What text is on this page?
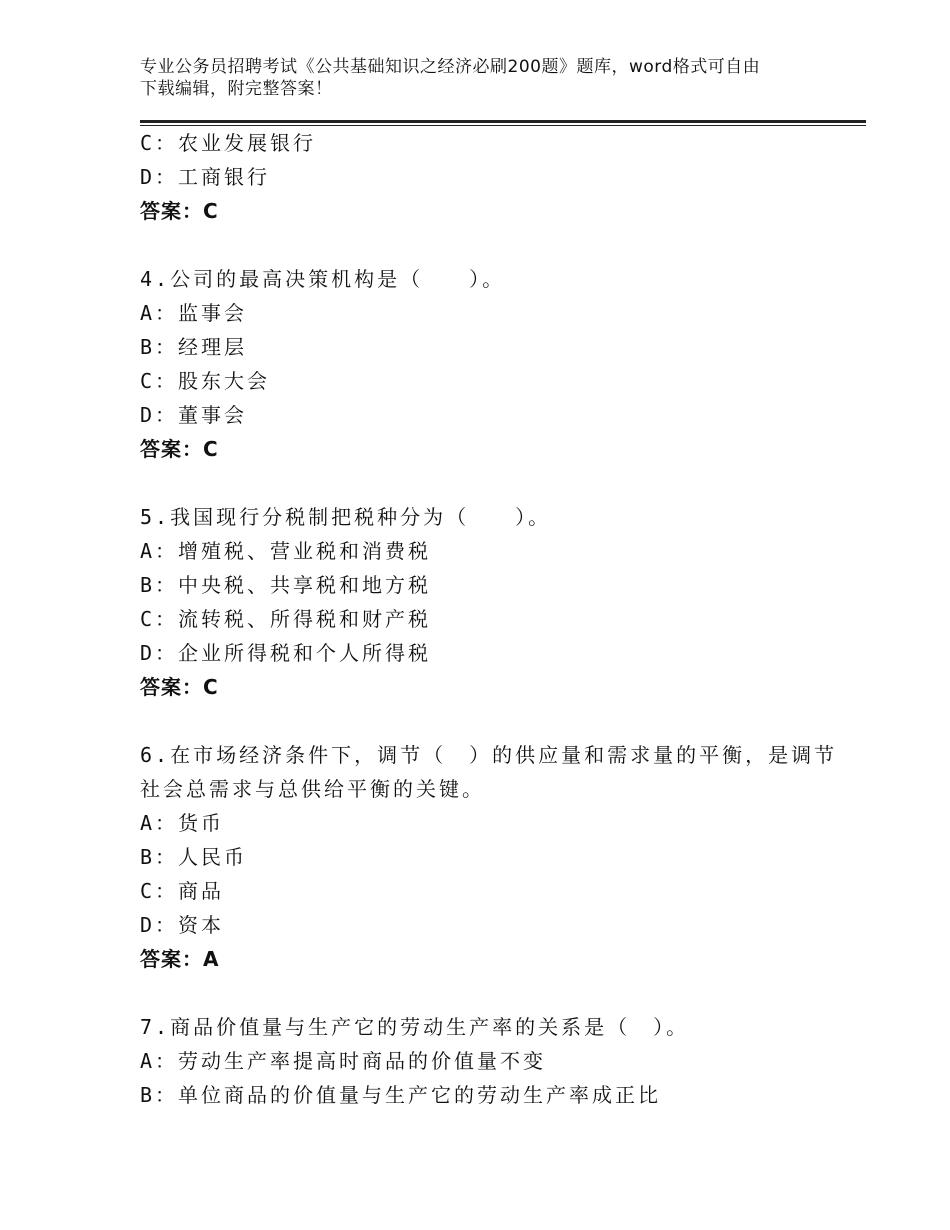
专业公务员招聘考试《公共基础知识之经济必刷200题》题库，word格式可自由
下载编辑，附完整答案！
C：农业发展银行
D：工商银行
答案：C
4.公司的最高决策机构是（　　）。
A：监事会
B：经理层
C：股东大会
D：董事会
答案：C
5.我国现行分税制把税种分为（　　）。
A：增殖税、营业税和消费税
B：中央税、共享税和地方税
C：流转税、所得税和财产税
D：企业所得税和个人所得税
答案：C
6.在市场经济条件下，调节（　）的供应量和需求量的平衡，是调节
社会总需求与总供给平衡的关键。
A：货币
B：人民币
C：商品
D：资本
答案：A
7.商品价值量与生产它的劳动生产率的关系是（　）。
A：劳动生产率提高时商品的价值量不变
B：单位商品的价值量与生产它的劳动生产率成正比
